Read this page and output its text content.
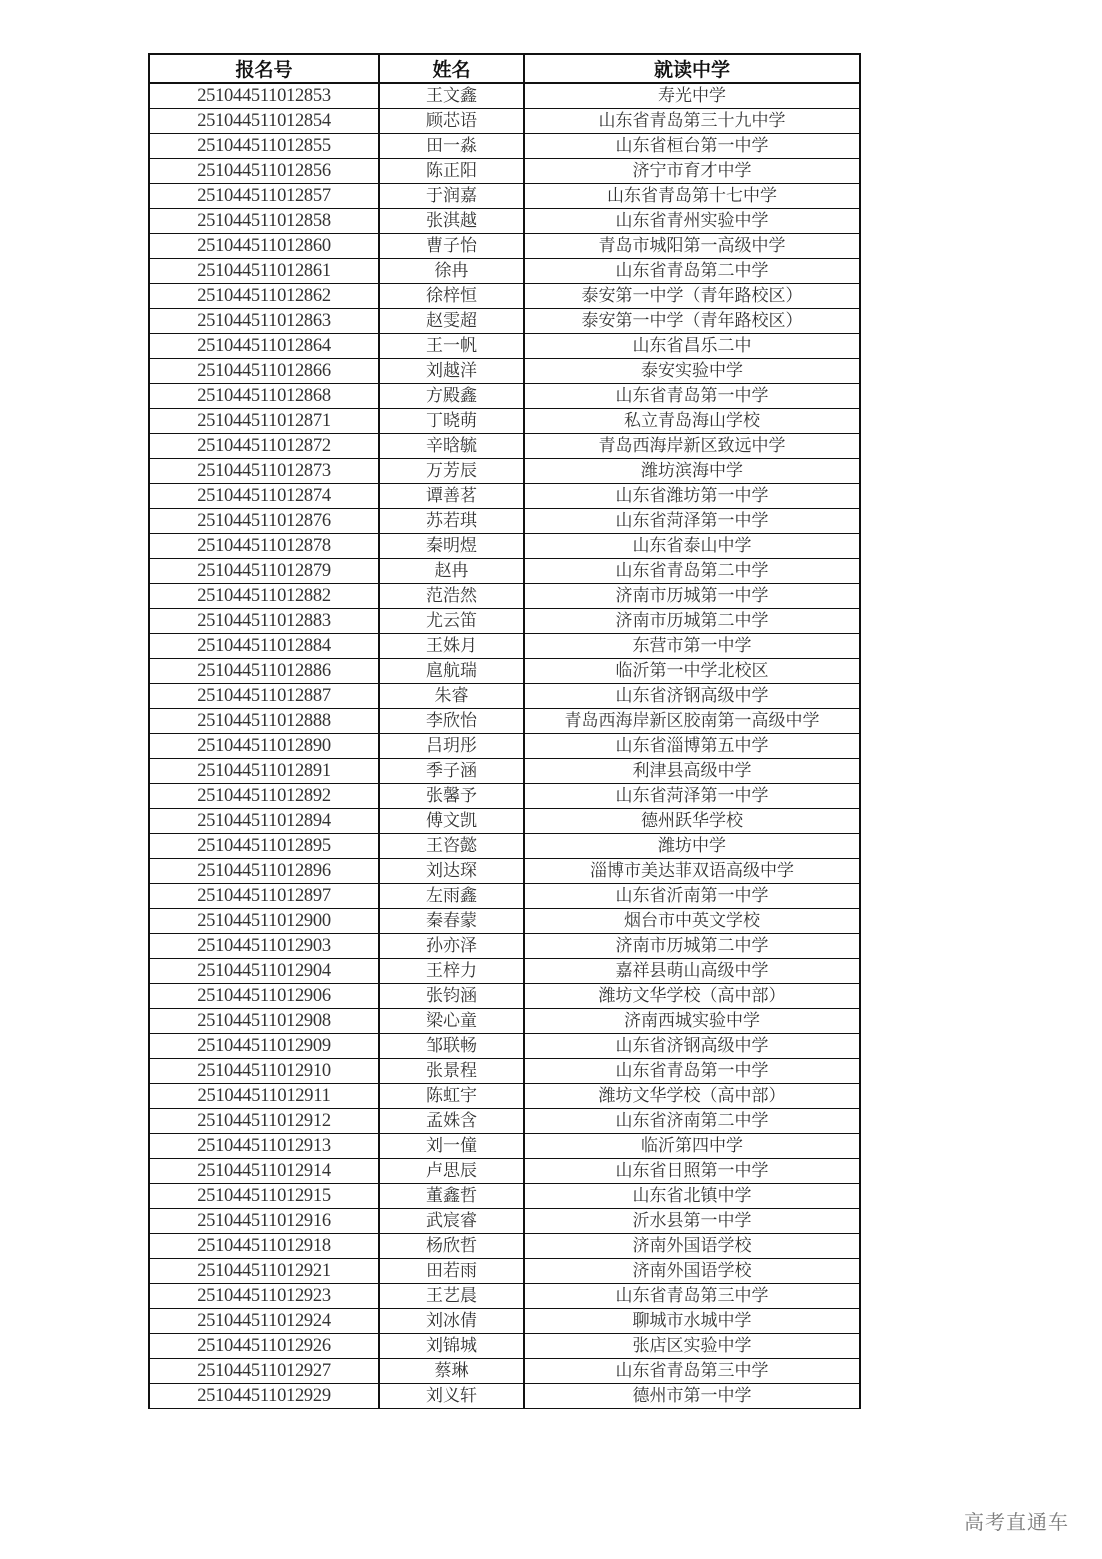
报名号	姓名	就读中学
251044511012853	王文鑫	寿光中学
251044511012854	顾芯语	山东省青岛第三十九中学
251044511012855	田一淼	山东省桓台第一中学
251044511012856	陈正阳	济宁市育才中学
251044511012857	于润嘉	山东省青岛第十七中学
251044511012858	张淇越	山东省青州实验中学
251044511012860	曹子怡	青岛市城阳第一高级中学
251044511012861	徐冉	山东省青岛第二中学
251044511012862	徐梓恒	泰安第一中学（青年路校区）
251044511012863	赵雯超	泰安第一中学（青年路校区）
251044511012864	王一帆	山东省昌乐二中
251044511012866	刘越洋	泰安实验中学
251044511012868	方殿鑫	山东省青岛第一中学
251044511012871	丁晓萌	私立青岛海山学校
251044511012872	辛晗毓	青岛西海岸新区致远中学
251044511012873	万芳辰	潍坊滨海中学
251044511012874	谭善茗	山东省潍坊第一中学
251044511012876	苏若琪	山东省菏泽第一中学
251044511012878	秦明煜	山东省泰山中学
251044511012879	赵冉	山东省青岛第二中学
251044511012882	范浩然	济南市历城第一中学
251044511012883	尤云笛	济南市历城第二中学
251044511012884	王姝月	东营市第一中学
251044511012886	扈航瑞	临沂第一中学北校区
251044511012887	朱睿	山东省济钢高级中学
251044511012888	李欣怡	青岛西海岸新区胶南第一高级中学
251044511012890	吕玥彤	山东省淄博第五中学
251044511012891	季子涵	利津县高级中学
251044511012892	张馨予	山东省菏泽第一中学
251044511012894	傅文凯	德州跃华学校
251044511012895	王咨懿	潍坊中学
251044511012896	刘达琛	淄博市美达菲双语高级中学
251044511012897	左雨鑫	山东省沂南第一中学
251044511012900	秦春蒙	烟台市中英文学校
251044511012903	孙亦泽	济南市历城第二中学
251044511012904	王梓力	嘉祥县萌山高级中学
251044511012906	张钧涵	潍坊文华学校（高中部）
251044511012908	梁心童	济南西城实验中学
251044511012909	邹联畅	山东省济钢高级中学
251044511012910	张景程	山东省青岛第一中学
251044511012911	陈虹宇	潍坊文华学校（高中部）
251044511012912	孟姝含	山东省济南第二中学
251044511012913	刘一僮	临沂第四中学
251044511012914	卢思辰	山东省日照第一中学
251044511012915	董鑫哲	山东省北镇中学
251044511012916	武宸睿	沂水县第一中学
251044511012918	杨欣哲	济南外国语学校
251044511012921	田若雨	济南外国语学校
251044511012923	王艺晨	山东省青岛第三中学
251044511012924	刘冰倩	聊城市水城中学
251044511012926	刘锦城	张店区实验中学
251044511012927	蔡琳	山东省青岛第三中学
251044511012929	刘义轩	德州市第一中学
高考直通车
